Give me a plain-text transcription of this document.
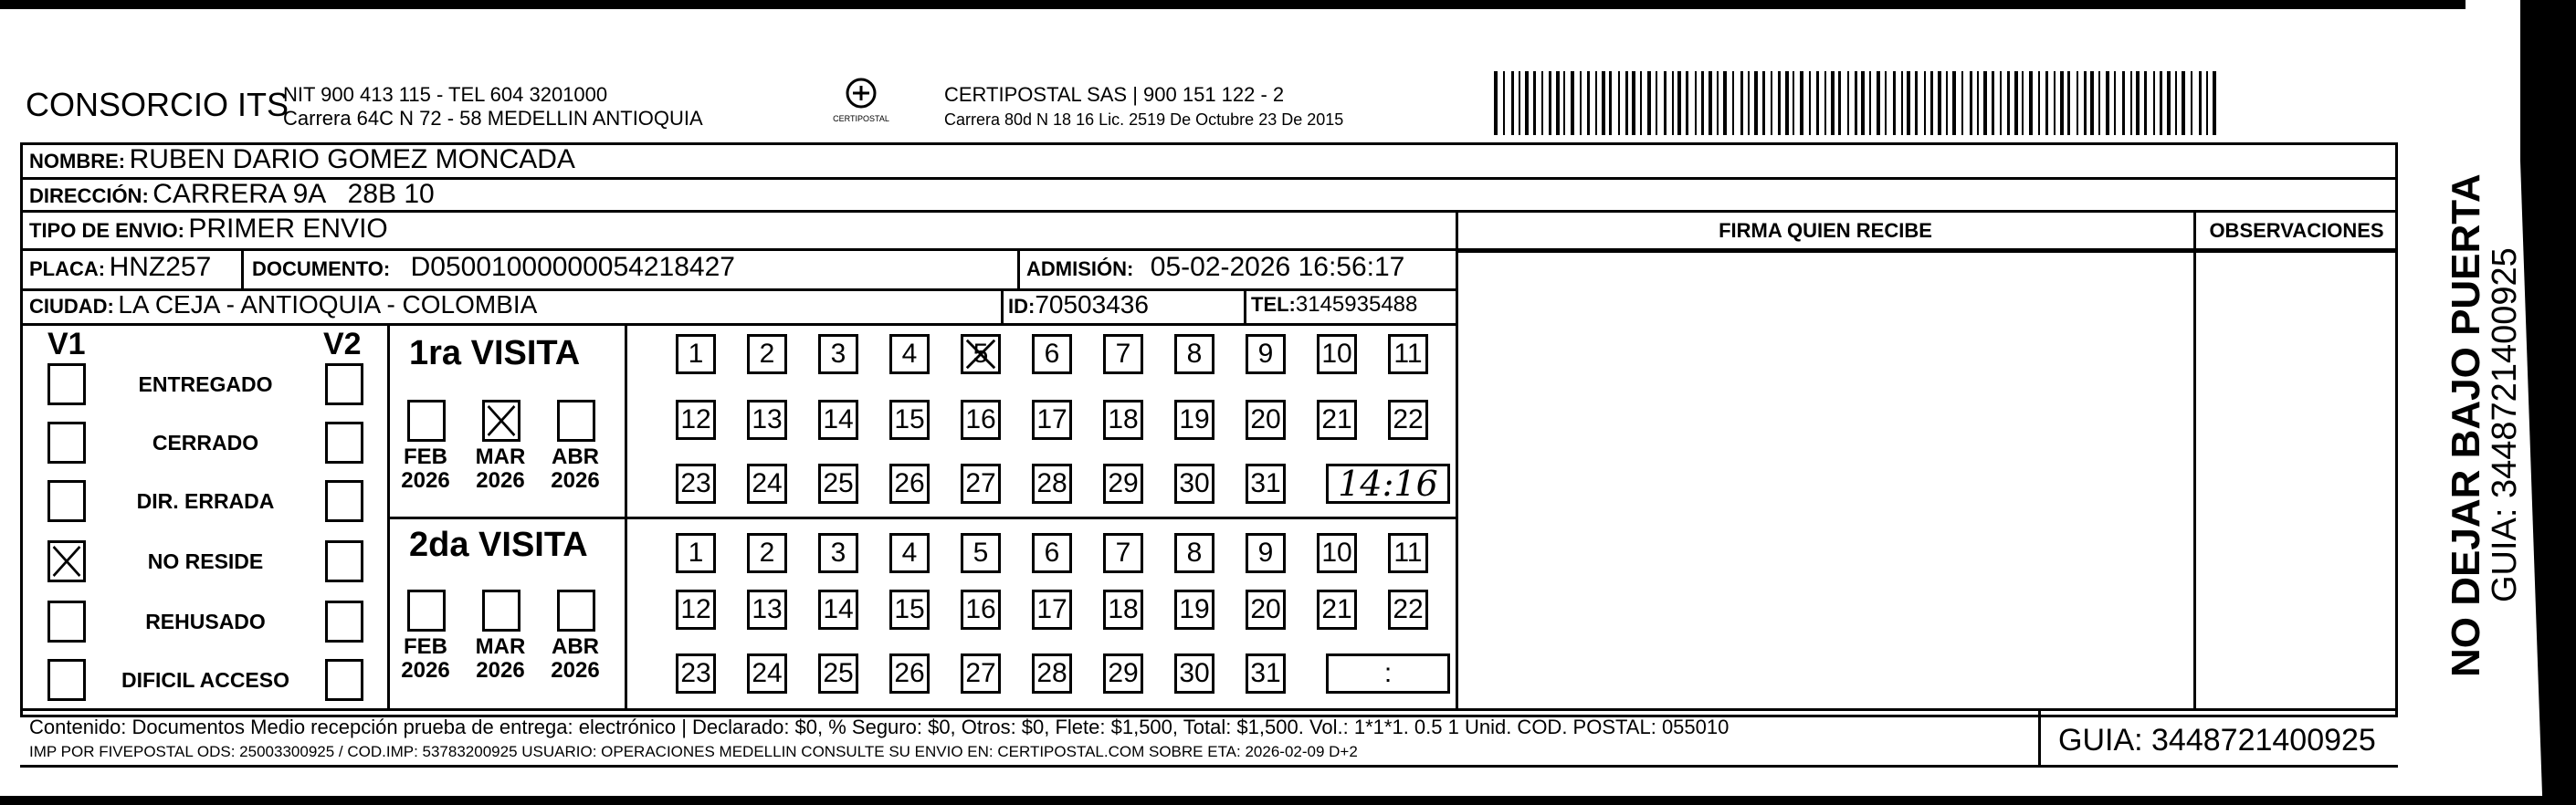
CONSORCIO ITS
NIT 900 413 115 - TEL 604 3201000
Carrera 64C N 72 - 58 MEDELLIN ANTIOQUIA	CERTIPOSTAL
CERTIPOSTAL SAS | 900 151 122 - 2
Carrera 80d N 18 16 Lic. 2519 De Octubre 23 De 2015
NOMBRE: RUBEN DARIO GOMEZ MONCADA
DIRECCIÓN: CARRERA 9A   28B 10
TIPO DE ENVIO: PRIMER ENVIO	FIRMA QUIEN RECIBE	OBSERVACIONES
PLACA: HNZ257 DOCUMENTO: D05001000000054218427	ADMISIÓN: 05-02-2026 16:56:17
CIUDAD: LA CEJA - ANTIOQUIA - COLOMBIA	ID:70503436	TEL:3145935488
V1	V2
ENTREGADO
CERRADO
DIR. ERRADA
NO RESIDE
REHUSADO
DIFICIL ACCESO
1ra VISITA
FEB
2026
MAR
2026
ABR
2026
1 2 3 4 5 6 7 8 9 10 11
12 13 14 15 16 17 18 19 20 21 22
23 24 25 26 27 28 29 30 31 14:16
2da VISITA
FEB
2026
MAR
2026
ABR
2026
1 2 3 4 5 6 7 8 9 10 11
12 13 14 15 16 17 18 19 20 21 22
23 24 25 26 27 28 29 30 31	:
Contenido: Documentos Medio recepción prueba de entrega: electrónico | Declarado: $0, % Seguro: $0, Otros: $0, Flete: $1,500, Total: $1,500. Vol.: 1*1*1. 0.5 1 Unid. COD. POSTAL: 055010
IMP POR FIVEPOSTAL ODS: 25003300925 / COD.IMP: 53783200925 USUARIO: OPERACIONES MEDELLIN CONSULTE SU ENVIO EN: CERTIPOSTAL.COM SOBRE ETA: 2026-02-09 D+2	GUIA: 3448721400925
NO DEJAR BAJO PUERTA
GUIA: 3448721400925
